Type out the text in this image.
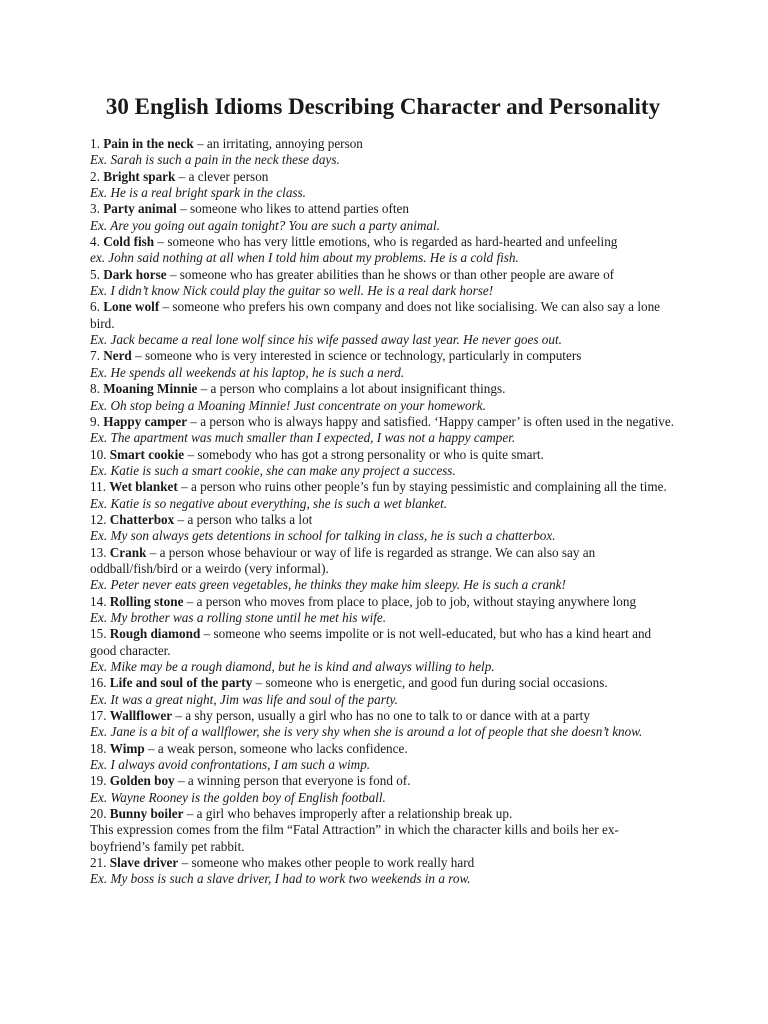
30 English Idioms Describing Character and Personality

1. Pain in the neck – an irritating, annoying person

Ex. Sarah is such a pain in the neck these days.

2. Bright spark – a clever person

Ex. He is a real bright spark in the class.

3. Party animal – someone who likes to attend parties often

Ex. Are you going out again tonight? You are such a party animal.

4. Cold fish – someone who has very little emotions, who is regarded as hard-hearted and unfeeling

ex. John said nothing at all when I told him about my problems. He is a cold fish.

5. Dark horse – someone who has greater abilities than he shows or than other people are aware of

Ex. I didn’t know Nick could play the guitar so well. He is a real dark horse!

6. Lone wolf – someone who prefers his own company and does not like socialising. We can also say a lone bird.

Ex. Jack became a real lone wolf since his wife passed away last year. He never goes out.

7. Nerd – someone who is very interested in science or technology, particularly in computers

Ex. He spends all weekends at his laptop, he is such a nerd.

8. Moaning Minnie – a person who complains a lot about insignificant things.

Ex. Oh stop being a Moaning Minnie! Just concentrate on your homework.

9. Happy camper – a person who is always happy and satisfied. ‘Happy camper’ is often used in the negative.

Ex. The apartment was much smaller than I expected, I was not a happy camper.

10. Smart cookie – somebody who has got a strong personality or who is quite smart.

Ex. Katie is such a smart cookie, she can make any project a success.

11. Wet blanket – a person who ruins other people’s fun by staying pessimistic and complaining all the time.

Ex. Katie is so negative about everything, she is such a wet blanket.

12. Chatterbox – a person who talks a lot

Ex. My son always gets detentions in school for talking in class, he is such a chatterbox.

13. Crank – a person whose behaviour or way of life is regarded as strange. We can also say an oddball/fish/bird or a weirdo (very informal).

Ex. Peter never eats green vegetables, he thinks they make him sleepy. He is such a crank!

14. Rolling stone – a person who moves from place to place, job to job, without staying anywhere long

Ex. My brother was a rolling stone until he met his wife.

15. Rough diamond – someone who seems impolite or is not well-educated, but who has a kind heart and good character.

Ex. Mike may be a rough diamond, but he is kind and always willing to help.

16. Life and soul of the party – someone who is energetic, and good fun during social occasions.

Ex. It was a great night, Jim was life and soul of the party.

17. Wallflower – a shy person, usually a girl who has no one to talk to or dance with at a party

Ex. Jane is a bit of a wallflower, she is very shy when she is around a lot of people that she doesn’t know.

18. Wimp – a weak person, someone who lacks confidence.

Ex. I always avoid confrontations, I am such a wimp.

19. Golden boy – a winning person that everyone is fond of.

Ex. Wayne Rooney is the golden boy of English football.

20. Bunny boiler – a girl who behaves improperly after a relationship break up.

This expression comes from the film “Fatal Attraction” in which the character kills and boils her ex-boyfriend’s family pet rabbit.

21. Slave driver – someone who makes other people to work really hard

Ex. My boss is such a slave driver, I had to work two weekends in a row.
